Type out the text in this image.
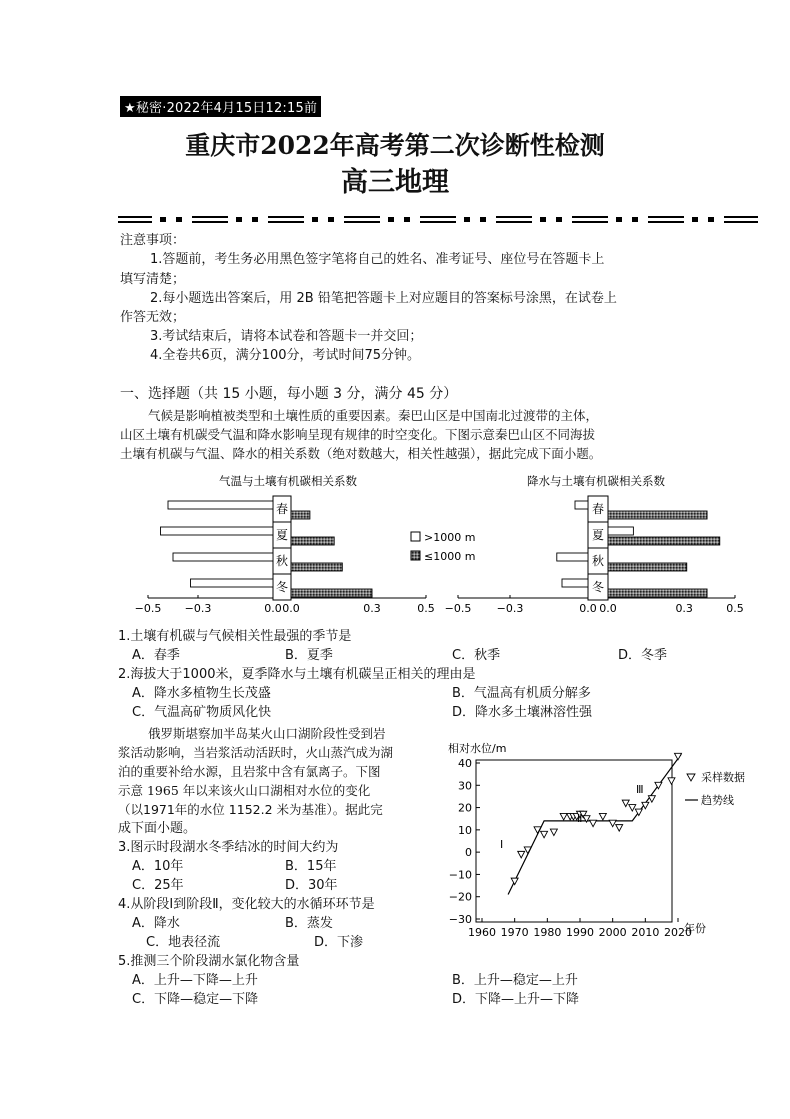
★秘密·2022年4月15日12:15前
重庆市2022年高考第二次诊断性检测
高三地理
注意事项：
1.答题前，考生务必用黑色签字笔将自己的姓名、准考证号、座位号在答题卡上
填写清楚；
2.每小题选出答案后，用 2B 铅笔把答题卡上对应题目的答案标号涂黑，在试卷上
作答无效；
3.考试结束后，请将本试卷和答题卡一并交回；
4.全卷共6页，满分100分，考试时间75分钟。
一、选择题（共 15 小题，每小题 3 分，满分 45 分）
气候是影响植被类型和土壤性质的重要因素。秦巴山区是中国南北过渡带的主体，
山区土壤有机碳受气温和降水影响呈现有规律的时空变化。下图示意秦巴山区不同海拔
土壤有机碳与气温、降水的相关系数（绝对数越大，相关性越强），据此完成下面小题。
气温与土壤有机碳相关系数
−0.5 −0.3	0.0 0.0	0.3	0.5
春
夏
秋
冬
降水与土壤有机碳相关系数
−0.5 −0.3	0.0 0.0	0.3	0.5
春
夏
秋
冬
>1000 m
≤1000 m
1.土壤有机碳与气候相关性最强的季节是
A．春季	B．夏季	C．秋季	D．冬季
2.海拔大于1000米，夏季降水与土壤有机碳呈正相关的理由是
A．降水多植物生长茂盛	B．气温高有机质分解多
C．气温高矿物质风化快	D．降水多土壤淋溶性强
俄罗斯堪察加半岛某火山口湖阶段性受到岩
浆活动影响，当岩浆活动活跃时，火山蒸汽成为湖
泊的重要补给水源，且岩浆中含有氯离子。下图
示意 1965 年以来该火山口湖相对水位的变化
（以1971年的水位 1152.2 米为基准）。据此完
成下面小题。
3.图示时段湖水冬季结冰的时间大约为
A．10年	B．15年
C．25年	D．30年
4.从阶段Ⅰ到阶段Ⅱ，变化较大的水循环环节是
A．降水	B．蒸发
C．地表径流	D．下渗
5.推测三个阶段湖水氯化物含量
A．上升—下降—上升	B．上升—稳定—上升
C．下降—稳定—下降	D．下降—上升—下降
相对水位/m
40
30
20
10
0
−10
−20
−30
1960 1970 1980 1990 2000 2010 2020
Ⅰ
Ⅱ
Ⅲ
采样数据
趋势线
年份
